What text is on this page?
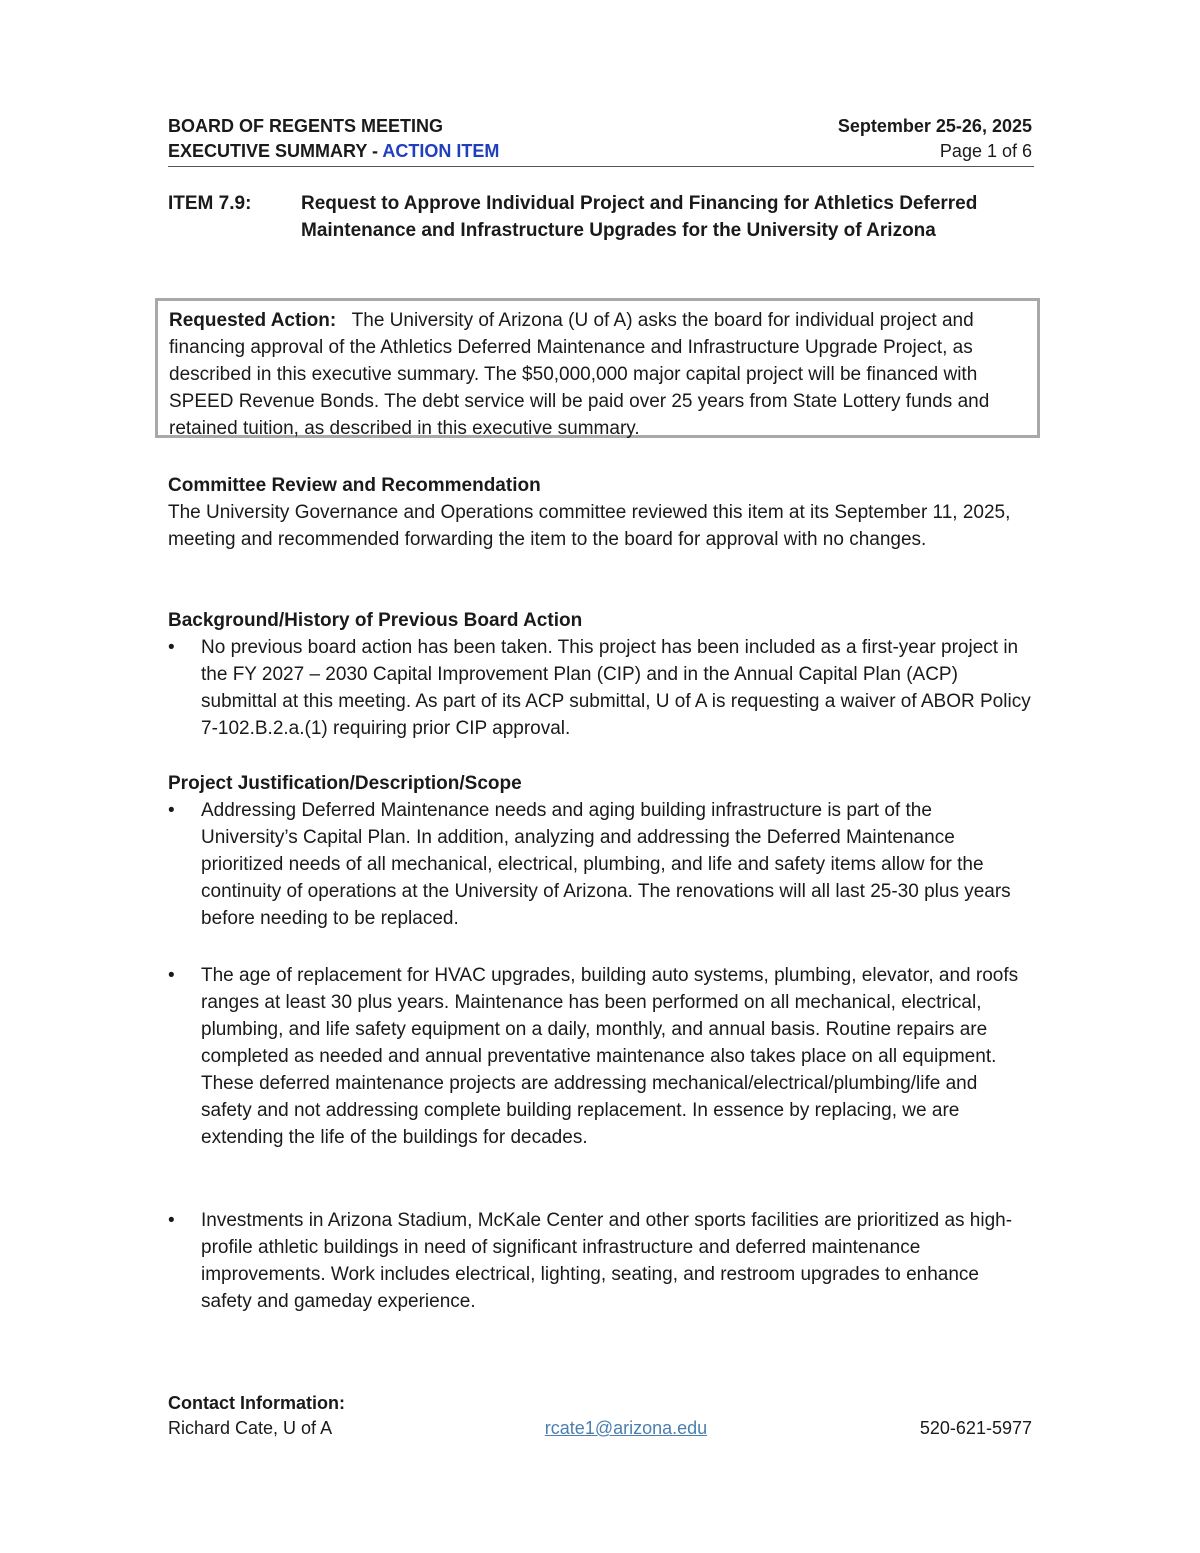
BOARD OF REGENTS MEETING	September 25-26, 2025
EXECUTIVE SUMMARY - ACTION ITEM	Page 1 of 6
ITEM 7.9:	Request to Approve Individual Project and Financing for Athletics Deferred Maintenance and Infrastructure Upgrades for the University of Arizona
Requested Action: The University of Arizona (U of A) asks the board for individual project and financing approval of the Athletics Deferred Maintenance and Infrastructure Upgrade Project, as described in this executive summary. The $50,000,000 major capital project will be financed with SPEED Revenue Bonds. The debt service will be paid over 25 years from State Lottery funds and retained tuition, as described in this executive summary.
Committee Review and Recommendation

The University Governance and Operations committee reviewed this item at its September 11, 2025, meeting and recommended forwarding the item to the board for approval with no changes.

Background/History of Previous Board Action
•	No previous board action has been taken. This project has been included as a first-year project in the FY 2027 – 2030 Capital Improvement Plan (CIP) and in the Annual Capital Plan (ACP) submittal at this meeting. As part of its ACP submittal, U of A is requesting a waiver of ABOR Policy 7-102.B.2.a.(1) requiring prior CIP approval.
Project Justification/Description/Scope
•	Addressing Deferred Maintenance needs and aging building infrastructure is part of the University’s Capital Plan. In addition, analyzing and addressing the Deferred Maintenance prioritized needs of all mechanical, electrical, plumbing, and life and safety items allow for the continuity of operations at the University of Arizona. The renovations will all last 25-30 plus years before needing to be replaced.
•	The age of replacement for HVAC upgrades, building auto systems, plumbing, elevator, and roofs ranges at least 30 plus years. Maintenance has been performed on all mechanical, electrical, plumbing, and life safety equipment on a daily, monthly, and annual basis. Routine repairs are completed as needed and annual preventative maintenance also takes place on all equipment. These deferred maintenance projects are addressing mechanical/electrical/plumbing/life and safety and not addressing complete building replacement. In essence by replacing, we are extending the life of the buildings for decades.
•	Investments in Arizona Stadium, McKale Center and other sports facilities are prioritized as high-profile athletic buildings in need of significant infrastructure and deferred maintenance improvements. Work includes electrical, lighting, seating, and restroom upgrades to enhance safety and gameday experience.
Contact Information:
Richard Cate, U of A	rcate1@arizona.edu	520-621-5977
